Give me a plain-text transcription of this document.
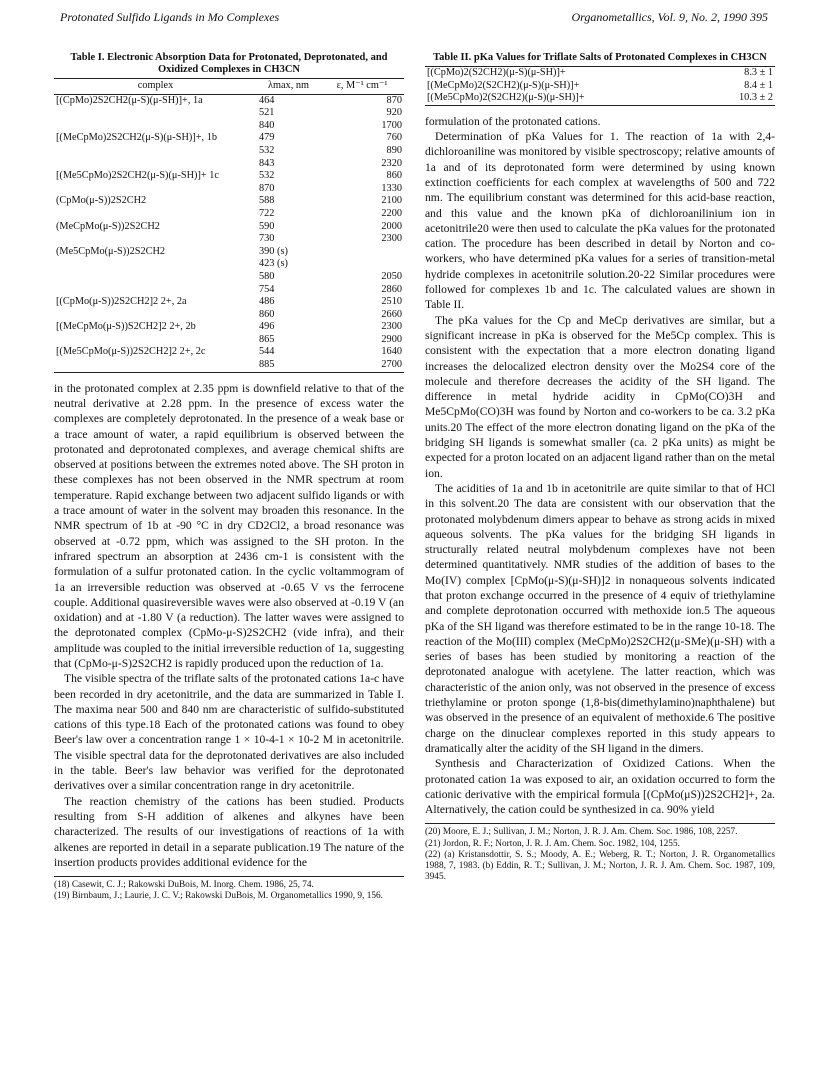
Protonated Sulfido Ligands in Mo Complexes	Organometallics, Vol. 9, No. 2, 1990 395
Table I. Electronic Absorption Data for Protonated, Deprotonated, and Oxidized Complexes in CH3CN
complex	λmax, nm	ε, M⁻¹ cm⁻¹
[(CpMo)2S2CH2(μ-S)(μ-SH)]+, 1a	464	870
	521	920
	840	1700
[(MeCpMo)2S2CH2(μ-S)(μ-SH)]+, 1b	479	760
	532	890
	843	2320
[(Me5CpMo)2S2CH2(μ-S)(μ-SH)]+ 1c	532	860
	870	1330
(CpMo(μ-S))2S2CH2	588	2100
	722	2200
(MeCpMo(μ-S))2S2CH2	590	2000
	730	2300
(Me5CpMo(μ-S))2S2CH2	390 (s)	
	423 (s)	
	580	2050
	754	2860
[(CpMo(μ-S))2S2CH2]2 2+, 2a	486	2510
	860	2660
[(MeCpMo(μ-S))S2CH2]2 2+, 2b	496	2300
	865	2900
[(Me5CpMo(μ-S))2S2CH2]2 2+, 2c	544	1640
	885	2700

in the protonated complex at 2.35 ppm is downfield relative to that of the neutral derivative at 2.28 ppm. In the presence of excess water the complexes are completely deprotonated. In the presence of a weak base or a trace amount of water, a rapid equilibrium is observed between the protonated and deprotonated complexes, and average chemical shifts are observed at positions between the extremes noted above. The SH proton in these complexes has not been observed in the NMR spectrum at room temperature. Rapid exchange between two adjacent sulfido ligands or with a trace amount of water in the solvent may broaden this resonance. In the NMR spectrum of 1b at -90 °C in dry CD2Cl2, a broad resonance was observed at -0.72 ppm, which was assigned to the SH proton. In the infrared spectrum an absorption at 2436 cm-1 is consistent with the formulation of a sulfur protonated cation. In the cyclic voltammogram of 1a an irreversible reduction was observed at -0.65 V vs the ferrocene couple. Additional quasireversible waves were also observed at -0.19 V (an oxidation) and at -1.80 V (a reduction). The latter waves were assigned to the deprotonated complex (CpMo-μ-S)2S2CH2 (vide infra), and their amplitude was coupled to the initial irreversible reduction of 1a, suggesting that (CpMo-μ-S)2S2CH2 is rapidly produced upon the reduction of 1a.

The visible spectra of the triflate salts of the protonated cations 1a-c have been recorded in dry acetonitrile, and the data are summarized in Table I. The maxima near 500 and 840 nm are characteristic of sulfido-substituted cations of this type.18 Each of the protonated cations was found to obey Beer's law over a concentration range 1 × 10-4-1 × 10-2 M in acetonitrile. The visible spectral data for the deprotonated derivatives are also included in the table. Beer's law behavior was verified for the deprotonated derivatives over a similar concentration range in dry acetonitrile.

The reaction chemistry of the cations has been studied. Products resulting from S-H addition of alkenes and alkynes have been characterized. The results of our investigations of reactions of 1a with alkenes are reported in detail in a separate publication.19 The nature of the insertion products provides additional evidence for the

(18) Casewit, C. J.; Rakowski DuBois, M. Inorg. Chem. 1986, 25, 74.

(19) Birnbaum, J.; Laurie, J. C. V.; Rakowski DuBois, M. Organometallics 1990, 9, 156.

Table II. pKa Values for Triflate Salts of Protonated Complexes in CH3CN
[(CpMo)2(S2CH2)(μ-S)(μ-SH)]+	8.3 ± 1
[(MeCpMo)2(S2CH2)(μ-S)(μ-SH)]+	8.4 ± 1
[(Me5CpMo)2(S2CH2)(μ-S)(μ-SH)]+	10.3 ± 2

formulation of the protonated cations.

Determination of pKa Values for 1. The reaction of 1a with 2,4-dichloroaniline was monitored by visible spectroscopy; relative amounts of 1a and of its deprotonated form were determined by using known extinction coefficients for each complex at wavelengths of 500 and 722 nm. The equilibrium constant was determined for this acid-base reaction, and this value and the known pKa of dichloroanilinium ion in acetonitrile20 were then used to calculate the pKa values for the protonated cation. The procedure has been described in detail by Norton and co-workers, who have determined pKa values for a series of transition-metal hydride complexes in acetonitrile solution.20-22 Similar procedures were followed for complexes 1b and 1c. The calculated values are shown in Table II.

The pKa values for the Cp and MeCp derivatives are similar, but a significant increase in pKa is observed for the Me5Cp complex. This is consistent with the expectation that a more electron donating ligand increases the delocalized electron density over the Mo2S4 core of the molecule and therefore decreases the acidity of the SH ligand. The difference in metal hydride acidity in CpMo(CO)3H and Me5CpMo(CO)3H was found by Norton and co-workers to be ca. 3.2 pKa units.20 The effect of the more electron donating ligand on the pKa of the bridging SH ligands is somewhat smaller (ca. 2 pKa units) as might be expected for a proton located on an adjacent ligand rather than on the metal ion.

The acidities of 1a and 1b in acetonitrile are quite similar to that of HCl in this solvent.20 The data are consistent with our observation that the protonated molybdenum dimers appear to behave as strong acids in mixed aqueous solvents. The pKa values for the bridging SH ligands in structurally related neutral molybdenum complexes have not been determined quantitatively. NMR studies of the addition of bases to the Mo(IV) complex [CpMo(μ-S)(μ-SH)]2 in nonaqueous solvents indicated that proton exchange occurred in the presence of 4 equiv of triethylamine and complete deprotonation occurred with methoxide ion.5 The aqueous pKa of the SH ligand was therefore estimated to be in the range 10-18. The reaction of the Mo(III) complex (MeCpMo)2S2CH2(μ-SMe)(μ-SH) with a series of bases has been studied by monitoring a reaction of the deprotonated analogue with acetylene. The latter reaction, which was characteristic of the anion only, was not observed in the presence of excess triethylamine or proton sponge (1,8-bis(dimethylamino)naphthalene) but was observed in the presence of an equivalent of methoxide.6 The positive charge on the dinuclear complexes reported in this study appears to dramatically alter the acidity of the SH ligand in the dimers.

Synthesis and Characterization of Oxidized Cations. When the protonated cation 1a was exposed to air, an oxidation occurred to form the cationic derivative with the empirical formula [(CpMo(μS))2S2CH2]+, 2a. Alternatively, the cation could be synthesized in ca. 90% yield

(20) Moore, E. J.; Sullivan, J. M.; Norton, J. R. J. Am. Chem. Soc. 1986, 108, 2257.

(21) Jordon, R. F.; Norton, J. R. J. Am. Chem. Soc. 1982, 104, 1255.

(22) (a) Kristansdottir, S. S.; Moody, A. E.; Weberg, R. T.; Norton, J. R. Organometallics 1988, 7, 1983. (b) Eddin, R. T.; Sullivan, J. M.; Norton, J. R. J. Am. Chem. Soc. 1987, 109, 3945.
